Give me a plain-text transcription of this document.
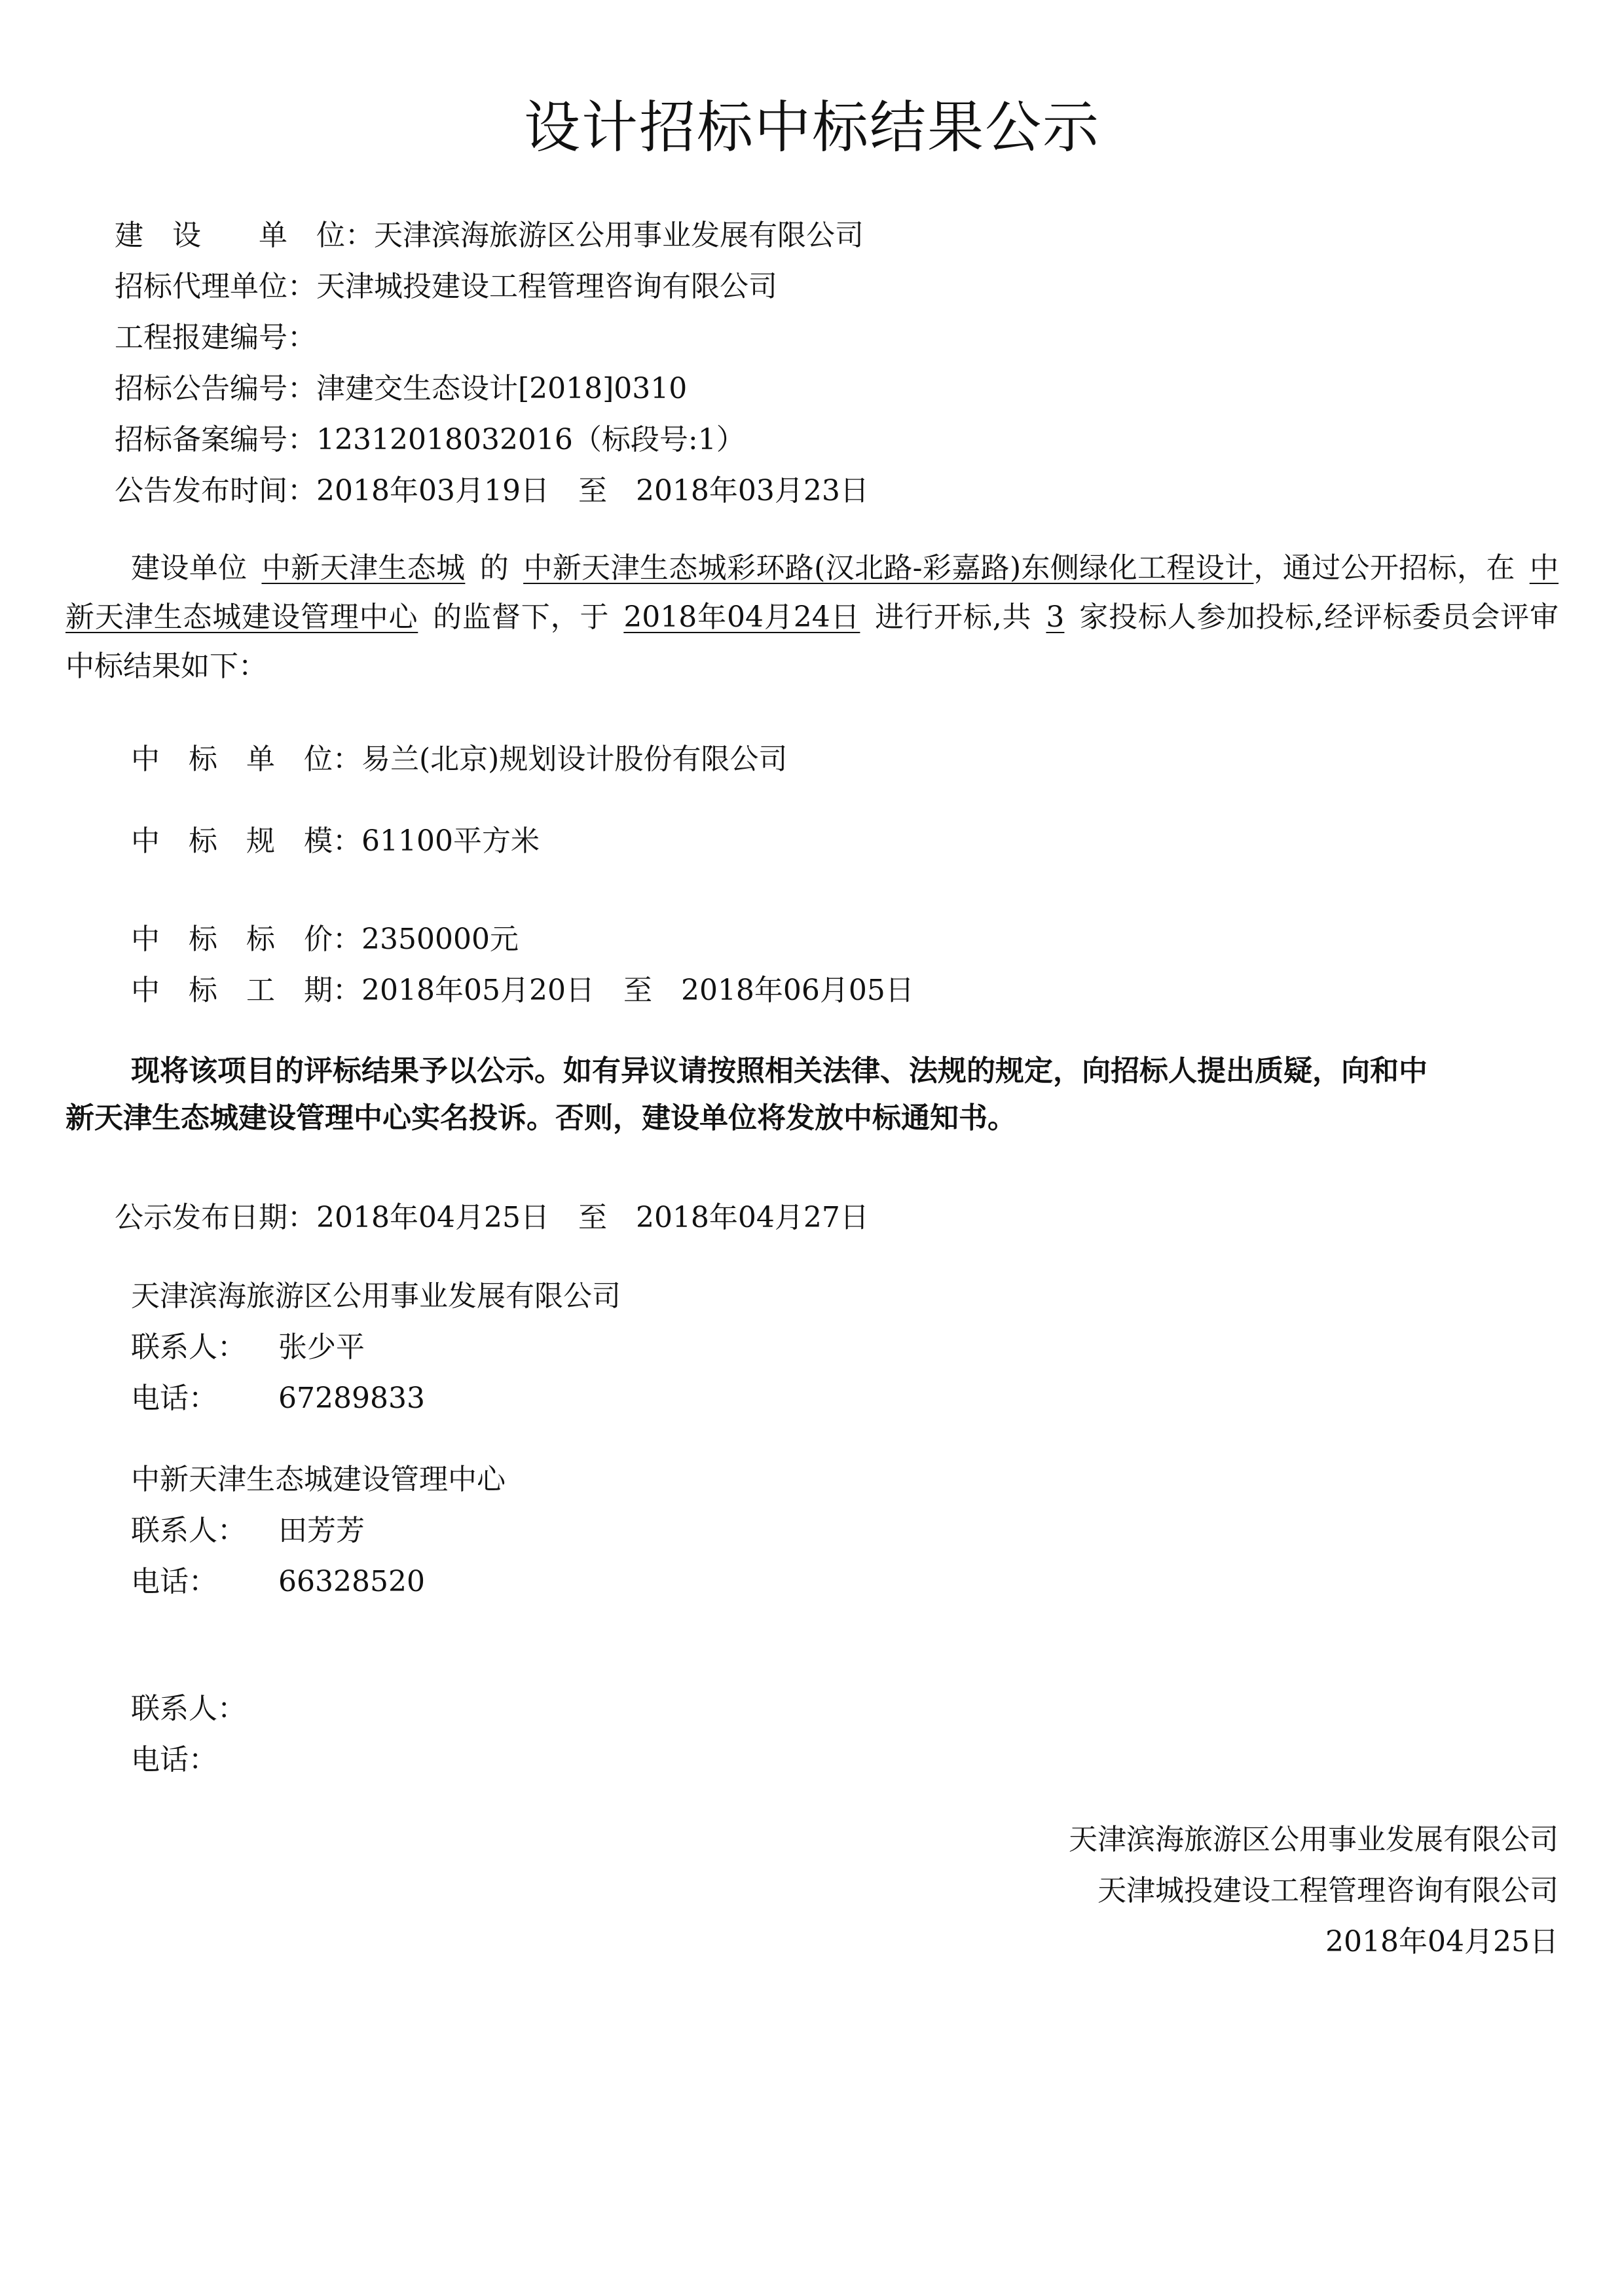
设计招标中标结果公示
建　设　　单　位：天津滨海旅游区公用事业发展有限公司
招标代理单位：天津城投建设工程管理咨询有限公司
工程报建编号：
招标公告编号：津建交生态设计[2018]0310
招标备案编号：12312018032016（标段号:1）
公告发布时间：2018年03月19日　至　2018年03月23日
建设单位 中新天津生态城 的 中新天津生态城彩环路(汉北路-彩嘉路)东侧绿化工程设计，通过公开招标，在 中新天津生态城建设管理中心 的监督下，于 2018年04月24日 进行开标,共 3 家投标人参加投标,经评标委员会评审中标结果如下：
中　标　单　位：易兰(北京)规划设计股份有限公司
中　标　规　模：61100平方米
中　标　标　价：2350000元
中　标　工　期：2018年05月20日　至　2018年06月05日
现将该项目的评标结果予以公示。如有异议请按照相关法律、法规的规定，向招标人提出质疑，向和中新天津生态城建设管理中心实名投诉。否则，建设单位将发放中标通知书。
公示发布日期：2018年04月25日　至　2018年04月27日
天津滨海旅游区公用事业发展有限公司
联系人： 张少平
电话： 67289833
中新天津生态城建设管理中心
联系人： 田芳芳
电话： 66328520
联系人：
电话：
天津滨海旅游区公用事业发展有限公司
天津城投建设工程管理咨询有限公司
2018年04月25日
